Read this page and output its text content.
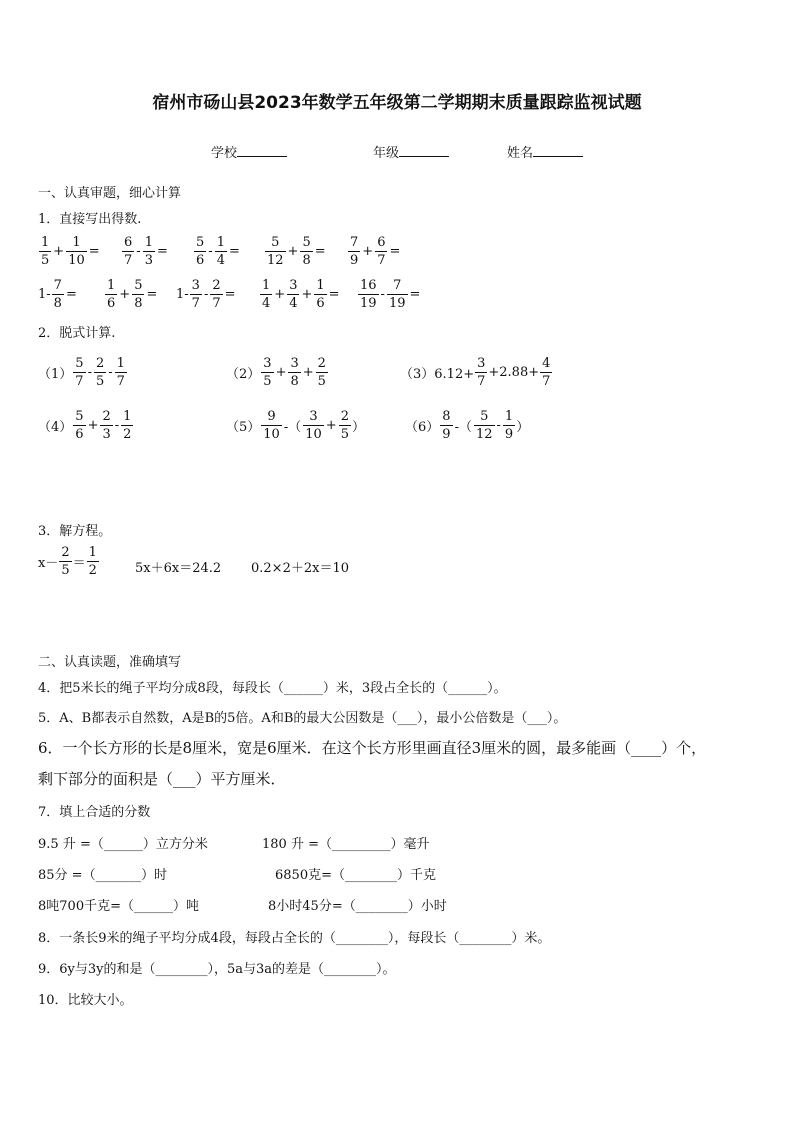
宿州市砀山县2023年数学五年级第二学期期末质量跟踪监视试题
学校	年级	姓名
一、认真审题，细心计算
1．直接写出得数.
$\frac{1}{5} + \frac{1}{10} = \frac{6}{7} - \frac{1}{3} = \frac{5}{6} - \frac{1}{4} = \frac{5}{12} + \frac{5}{8} = \frac{7}{9} + \frac{6}{7}$ =
$1- \frac{7}{8} = \frac{1}{6} + \frac{5}{8} = 1- \frac{3}{7} - \frac{2}{7} = \frac{1}{4} + \frac{3}{4} + \frac{1}{6} = \frac{16}{19} - \frac{7}{19}$ =
2．脱式计算.
$(1) \frac{5}{7} - \frac{2}{5} - \frac{1}{7}$	$(2) \frac{3}{5} + \frac{3}{8} + \frac{2}{5}$	$(3)6.12+ \frac{3}{7} +2.88+ \frac{4}{7}$
$(4) \frac{5}{6} + \frac{2}{3} - \frac{1}{2}$	$(5) \frac{9}{10}$ -（ $\frac{3}{10} + \frac{2}{5}$ ）	$(6) \frac{8}{9}$ -（ $\frac{5}{12} - \frac{1}{9}$ ）
3．解方程。
$x- \frac{2}{5} = \frac{1}{2}$	5x＋6x＝24.2 0.2×2＋2x＝10
二、认真读题，准确填写
4．把5米长的绳子平均分成8段，每段长（______）米，3段占全长的（______）。
5．A、B都表示自然数，A是B的5倍。A和B的最大公因数是（___），最小公倍数是（___）。
6．一个长方形的长是8厘米，宽是6厘米．在这个长方形里画直径3厘米的圆，最多能画（____）个，
剩下部分的面积是（___）平方厘米．
7．填上合适的分数
9.5 升 =（______）立方分米	180 升 =（_________）毫升
85分 =（_______）时	6850克=（________）千克
8吨700千克=（______）吨	8小时45分=（________）小时
8．一条长9米的绳子平均分成4段，每段占全长的（________），每段长（________）米。
9．6y与3y的和是（________），5a与3a的差是（________）。
10．比较大小。
